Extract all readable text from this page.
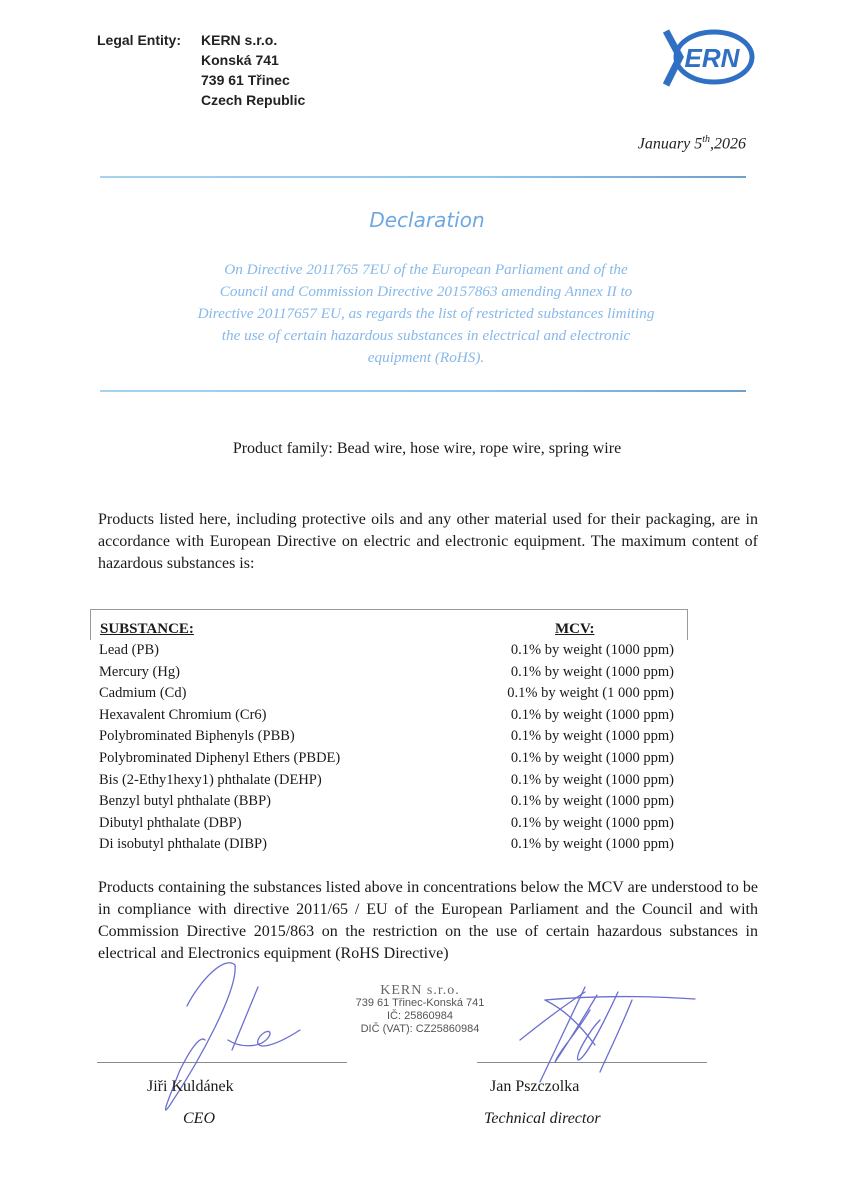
Legal Entity: KERN s.r.o.
Konská 741
739 61 Třinec
Czech Republic
ERN
January 5th,2026
Declaration
On Directive 2011765 7EU of the European Parliament and of the
Council and Commission Directive 20157863 amending Annex II to
Directive 20117657 EU, as regards the list of restricted substances limiting
the use of certain hazardous substances in electrical and electronic
equipment (RoHS).
Product family: Bead wire, hose wire, rope wire, spring wire
Products listed here, including protective oils and any other material used for their packaging, are in accordance with European Directive on electric and electronic equipment. The maximum content of hazardous substances is:
SUBSTANCE:	MCV:
Lead (PB)	0.1% by weight (1000 ppm)
Mercury (Hg)	0.1% by weight (1000 ppm)
Cadmium (Cd)	0.1% by weight (1 000 ppm)
Hexavalent Chromium (Cr6)	0.1% by weight (1000 ppm)
Polybrominated Biphenyls (PBB)	0.1% by weight (1000 ppm)
Polybrominated Diphenyl Ethers (PBDE)	0.1% by weight (1000 ppm)
Bis (2-Ethy1hexy1) phthalate (DEHP)	0.1% by weight (1000 ppm)
Benzyl butyl phthalate (BBP)	0.1% by weight (1000 ppm)
Dibutyl phthalate (DBP)	0.1% by weight (1000 ppm)
Di isobutyl phthalate (DIBP)	0.1% by weight (1000 ppm)
Products containing the substances listed above in concentrations below the MCV are understood to be in compliance with directive 2011/65 / EU of the European Parliament and the Council and with Commission Directive 2015/863 on the restriction on the use of certain hazardous substances in electrical and Electronics equipment (RoHS Directive)
KERN s.r.o.
739 61 Třinec-Konská 741
IČ: 25860984
DIČ (VAT): CZ25860984
Jiři Kuldánek
CEO
Jan Pszczolka
Technical director
